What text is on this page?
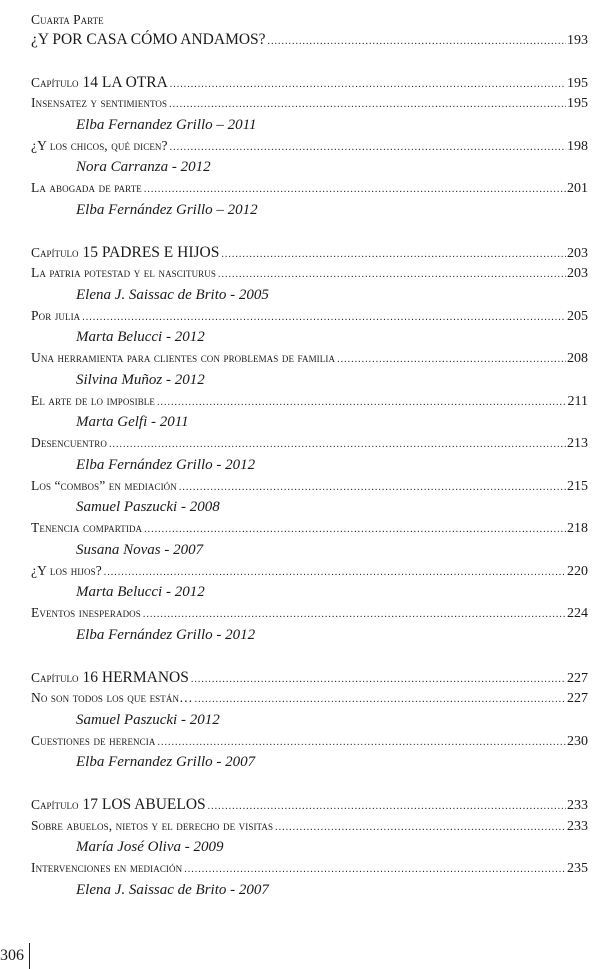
Cuarta Parte
¿Y POR CASA CÓMO ANDAMOS? .....	193
Capítulo 14 LA OTRA .....	195
Insensatez y sentimientos .....	195
Elba Fernandez Grillo – 2011
¿Y los chicos, qué dicen? .....	198
Nora Carranza - 2012
La abogada de parte .....	201
Elba Fernández Grillo – 2012
Capítulo 15 PADRES E HIJOS .....	203
La patria potestad y el nasciturus .....	203
Elena J. Saissac de Brito - 2005
Por julia .....	205
Marta Belucci - 2012
Una herramienta para clientes con problemas de familia .....	208
Silvina Muñoz - 2012
El arte de lo imposible .....	211
Marta Gelfi - 2011
Desencuentro .....	213
Elba Fernández Grillo - 2012
Los “combos” en mediación .....	215
Samuel Paszucki - 2008
Tenencia compartida .....	218
Susana Novas - 2007
¿Y los hijos? .....	220
Marta Belucci - 2012
Eventos inesperados .....	224
Elba Fernández Grillo - 2012
Capítulo 16 HERMANOS .....	227
No son todos los que están… .....	227
Samuel Paszucki - 2012
Cuestiones de herencia .....	230
Elba Fernandez Grillo - 2007
Capítulo 17 LOS ABUELOS .....	233
Sobre abuelos, nietos y el derecho de visitas .....	233
María José Oliva - 2009
Intervenciones en mediación .....	235
Elena J. Saissac de Brito - 2007
306
